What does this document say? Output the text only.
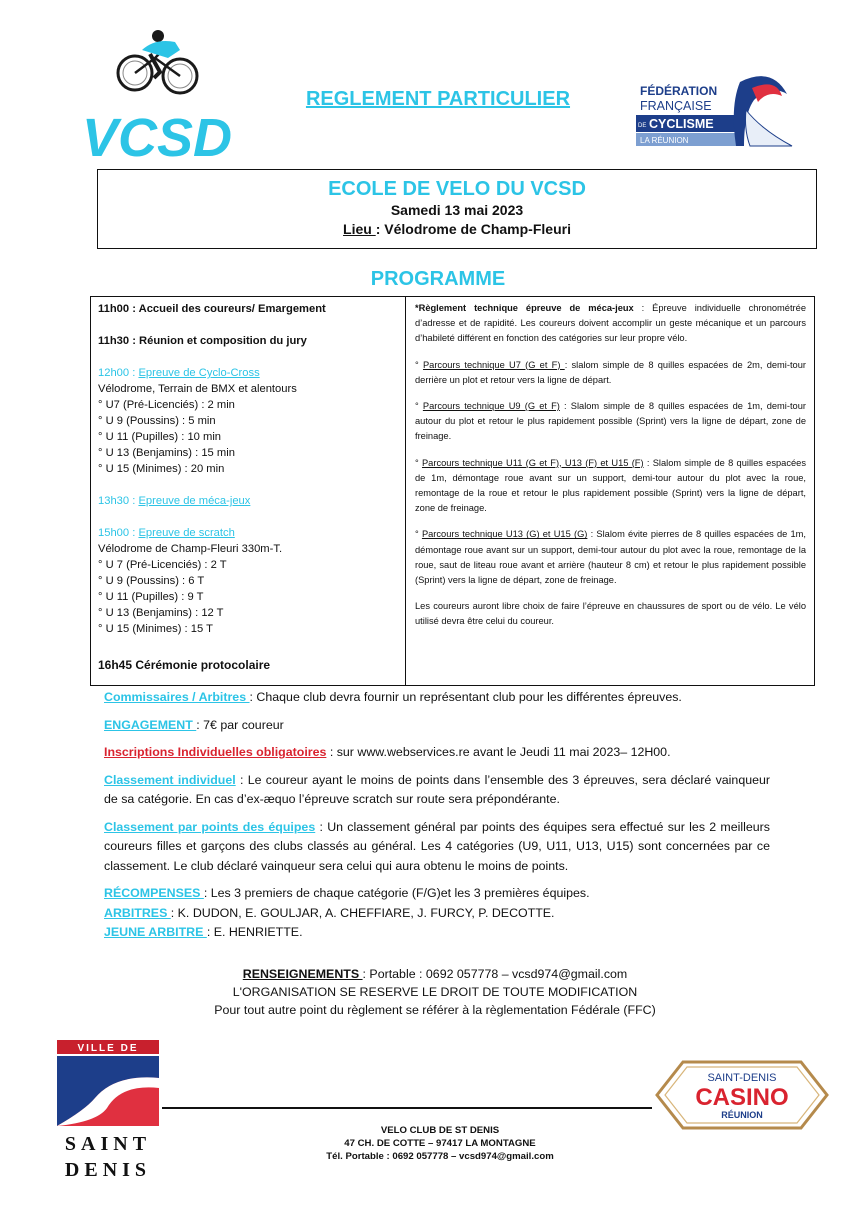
VCSD
REGLEMENT PARTICULIER	FÉDÉRATION
FRANÇAISE
DE CYCLISME
LA RÉUNION
ECOLE DE VELO DU VCSD
Samedi 13 mai 2023
Lieu : Vélodrome de Champ-Fleuri
PROGRAMME
11h00 : Accueil des coureurs/ Emargement
11h30 : Réunion et composition du jury
12h00 : Epreuve de Cyclo-Cross
Vélodrome, Terrain de BMX et alentours
° U7 (Pré-Licenciés) : 2 min
° U 9 (Poussins) : 5 min
° U 11 (Pupilles) : 10 min
° U 13 (Benjamins) : 15 min
° U 15 (Minimes) : 20 min
13h30 : Epreuve de méca-jeux
15h00 : Epreuve de scratch
Vélodrome de Champ-Fleuri 330m-T.
° U 7 (Pré-Licenciés) : 2 T
° U 9 (Poussins) : 6 T
° U 11 (Pupilles) : 9 T
° U 13 (Benjamins) : 12 T
° U 15 (Minimes) : 15 T
16h45 Cérémonie protocolaire
*Règlement technique épreuve de méca-jeux : Épreuve individuelle chronométrée d’adresse et de rapidité. Les coureurs doivent accomplir un geste mécanique et un parcours d’habileté différent en fonction des catégories sur leur propre vélo.
° Parcours technique U7 (G et F) : slalom simple de 8 quilles espacées de 2m, demi-tour derrière un plot et retour vers la ligne de départ.
° Parcours technique U9 (G et F) : Slalom simple de 8 quilles espacées de 1m, demi-tour autour du plot et retour le plus rapidement possible (Sprint) vers la ligne de départ, zone de freinage.
° Parcours technique U11 (G et F), U13 (F) et U15 (F) : Slalom simple de 8 quilles espacées de 1m, démontage roue avant sur un support, demi-tour autour du plot avec la roue, remontage de la roue et retour le plus rapidement possible (Sprint) vers la ligne de départ, zone de freinage.
° Parcours technique U13 (G) et U15 (G) : Slalom évite pierres de 8 quilles espacées de 1m, démontage roue avant sur un support, demi-tour autour du plot avec la roue, remontage de la roue, saut de liteau roue avant et arrière (hauteur 8 cm) et retour le plus rapidement possible (Sprint) vers la ligne de départ, zone de freinage.
Les coureurs auront libre choix de faire l’épreuve en chaussures de sport ou de vélo. Le vélo utilisé devra être celui du coureur.
Commissaires / Arbitres : Chaque club devra fournir un représentant club pour les différentes épreuves.
ENGAGEMENT : 7€ par coureur
Inscriptions Individuelles obligatoires : sur www.webservices.re avant le Jeudi 11 mai 2023– 12H00.
Classement individuel : Le coureur ayant le moins de points dans l’ensemble des 3 épreuves, sera déclaré vainqueur de sa catégorie. En cas d’ex-æquo l’épreuve scratch sur route sera prépondérante.
Classement par points des équipes : Un classement général par points des équipes sera effectué sur les 2 meilleurs coureurs filles et garçons des clubs classés au général. Les 4 catégories (U9, U11, U13, U15) sont concernées par ce classement. Le club déclaré vainqueur sera celui qui aura obtenu le moins de points.
RÉCOMPENSES : Les 3 premiers de chaque catégorie (F/G)et les 3 premières équipes.
ARBITRES : K. DUDON, E. GOULJAR, A. CHEFFIARE, J. FURCY, P. DECOTTE.
JEUNE ARBITRE : E. HENRIETTE.
RENSEIGNEMENTS : Portable : 0692 057778 – vcsd974@gmail.com
L'ORGANISATION SE RESERVE LE DROIT DE TOUTE MODIFICATION
Pour tout autre point du règlement se référer à la règlementation Fédérale (FFC)
VILLE DE
SAINT
DENIS
VELO CLUB DE ST DENIS
47 CH. DE COTTE – 97417 LA MONTAGNE
Tél. Portable : 0692 057778 – vcsd974@gmail.com
SAINT-DENIS
CASINO
RÉUNION
